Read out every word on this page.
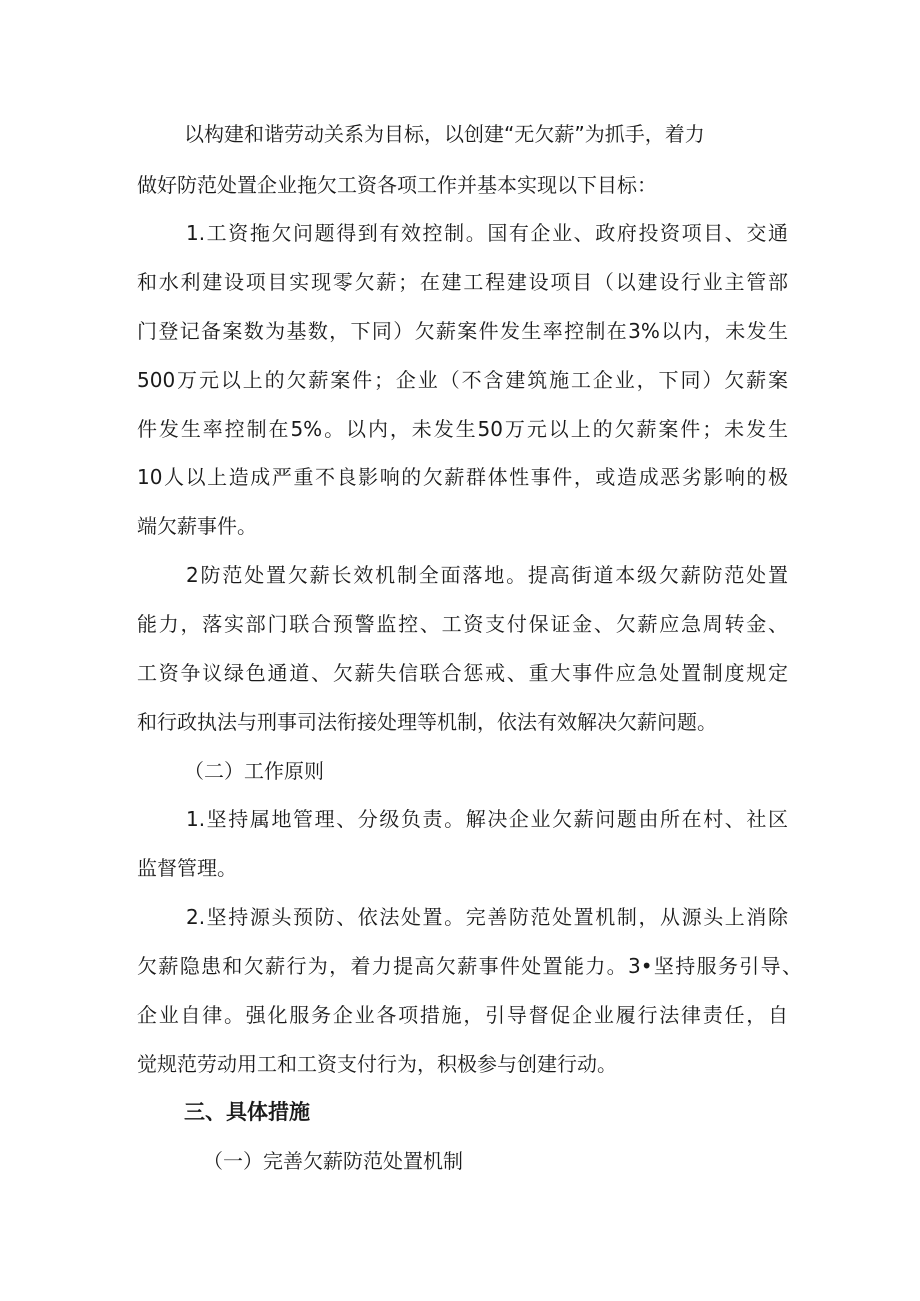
以构建和谐劳动关系为目标，以创建“无欠薪”为抓手，着力
做好防范处置企业拖欠工资各项工作并基本实现以下目标：
1.工资拖欠问题得到有效控制。国有企业、政府投资项目、交通
和水利建设项目实现零欠薪；在建工程建设项目（以建设行业主管部
门登记备案数为基数，下同）欠薪案件发生率控制在3%以内，未发生
500万元以上的欠薪案件；企业（不含建筑施工企业，下同）欠薪案
件发生率控制在5%。以内，未发生50万元以上的欠薪案件；未发生
10人以上造成严重不良影响的欠薪群体性事件，或造成恶劣影响的极
端欠薪事件。
2防范处置欠薪长效机制全面落地。提高街道本级欠薪防范处置
能力，落实部门联合预警监控、工资支付保证金、欠薪应急周转金、
工资争议绿色通道、欠薪失信联合惩戒、重大事件应急处置制度规定
和行政执法与刑事司法衔接处理等机制，依法有效解决欠薪问题。
（二）工作原则
1.坚持属地管理、分级负责。解决企业欠薪问题由所在村、社区
监督管理。
2.坚持源头预防、依法处置。完善防范处置机制，从源头上消除
欠薪隐患和欠薪行为，着力提高欠薪事件处置能力。3•坚持服务引导、
企业自律。强化服务企业各项措施，引导督促企业履行法律责任，自
觉规范劳动用工和工资支付行为，积极参与创建行动。
三、具体措施
（一）完善欠薪防范处置机制
